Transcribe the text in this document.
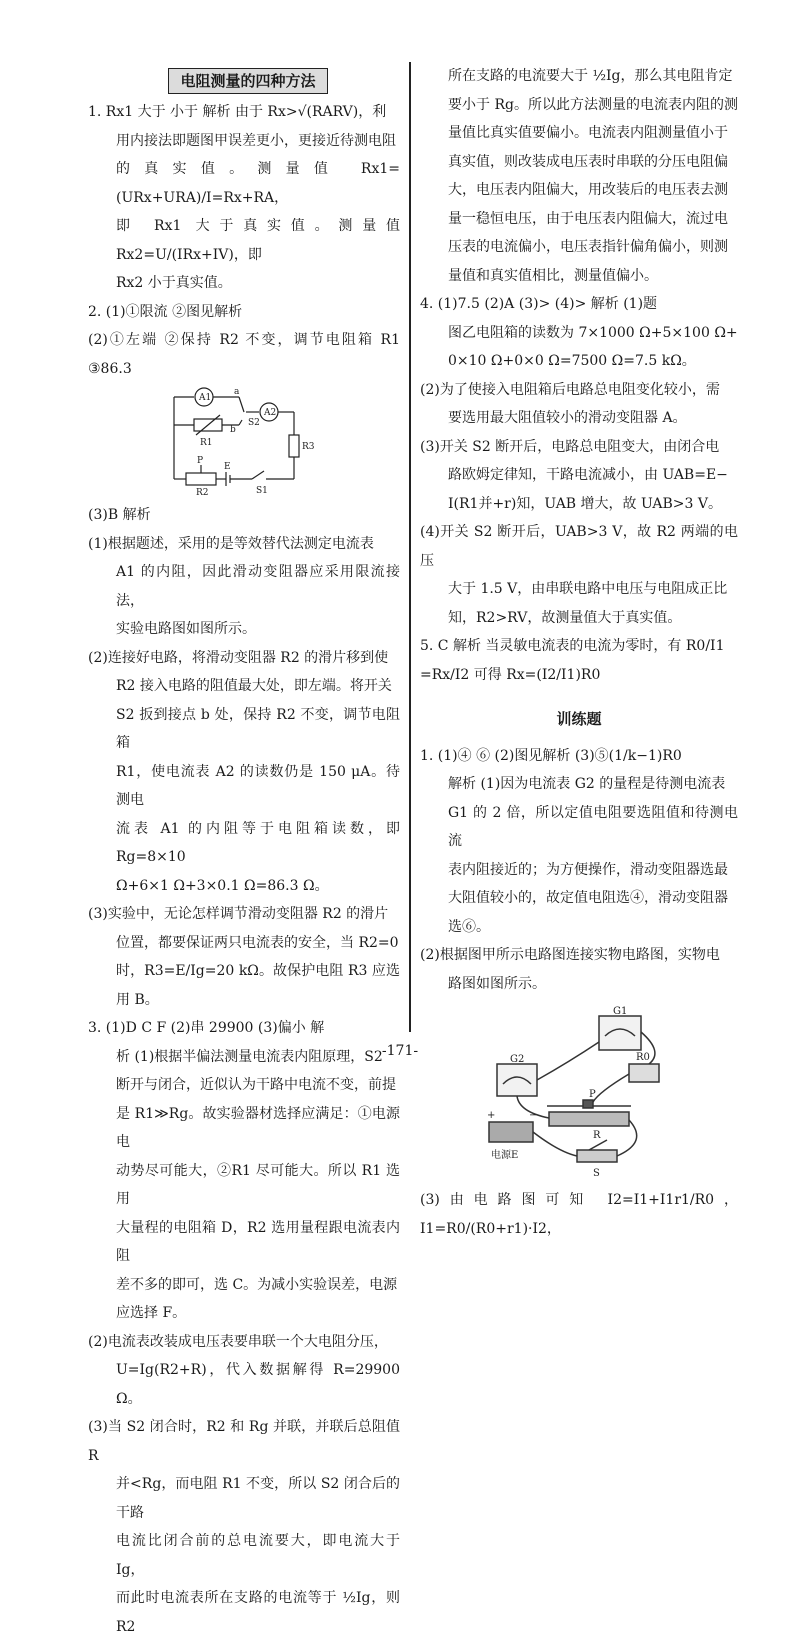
电阻测量的四种方法

1. Rx1 大于 小于 解析 由于 Rx>√(RARV)，利

用内接法即题图甲误差更小，更接近待测电阻

的真实值。测量值 Rx1=(URx+URA)/I=Rx+RA，

即 Rx1 大于真实值。测量值 Rx2=U/(IRx+IV)，即

Rx2 小于真实值。

2. (1)①限流 ②图见解析

(2)①左端 ②保持 R2 不变，调节电阻箱 R1 ③86.3

A1
A2
a
b
S2
R1	R3
P
E
R2	S1

(3)B 解析

(1)根据题述，采用的是等效替代法测定电流表

A1 的内阻，因此滑动变阻器应采用限流接法，

实验电路图如图所示。

(2)连接好电路，将滑动变阻器 R2 的滑片移到使

R2 接入电路的阻值最大处，即左端。将开关

S2 扳到接点 b 处，保持 R2 不变，调节电阻箱

R1，使电流表 A2 的读数仍是 150 μA。待测电

流表 A1 的内阻等于电阻箱读数，即 Rg=8×10

Ω+6×1 Ω+3×0.1 Ω=86.3 Ω。

(3)实验中，无论怎样调节滑动变阻器 R2 的滑片

位置，都要保证两只电流表的安全，当 R2=0

时，R3=E/Ig=20 kΩ。故保护电阻 R3 应选用 B。

3. (1)D C F (2)串 29900 (3)偏小 解

析 (1)根据半偏法测量电流表内阻原理，S2

断开与闭合，近似认为干路中电流不变，前提

是 R1≫Rg。故实验器材选择应满足：①电源电

动势尽可能大，②R1 尽可能大。所以 R1 选用

大量程的电阻箱 D，R2 选用量程跟电流表内阻

差不多的即可，选 C。为减小实验误差，电源

应选择 F。

(2)电流表改装成电压表要串联一个大电阻分压，

U=Ig(R2+R)，代入数据解得 R=29900 Ω。

(3)当 S2 闭合时，R2 和 Rg 并联，并联后总阻值 R

并<Rg，而电阻 R1 不变，所以 S2 闭合后的干路

电流比闭合前的总电流要大，即电流大于 Ig，

而此时电流表所在支路的电流等于 ½Ig，则 R2

所在支路的电流要大于 ½Ig，那么其电阻肯定

要小于 Rg。所以此方法测量的电流表内阻的测

量值比真实值要偏小。电流表内阻测量值小于

真实值，则改装成电压表时串联的分压电阻偏

大，电压表内阻偏大，用改装后的电压表去测

量一稳恒电压，由于电压表内阻偏大，流过电

压表的电流偏小，电压表指针偏角偏小，则测

量值和真实值相比，测量值偏小。

4. (1)7.5 (2)A (3)> (4)> 解析 (1)题

图乙电阻箱的读数为 7×1000 Ω+5×100 Ω+

0×10 Ω+0×0 Ω=7500 Ω=7.5 kΩ。

(2)为了使接入电阻箱后电路总电阻变化较小，需

要选用最大阻值较小的滑动变阻器 A。

(3)开关 S2 断开后，电路总电阻变大，由闭合电

路欧姆定律知，干路电流减小，由 UAB=E−

I(R1并+r)知，UAB 增大，故 UAB>3 V。

(4)开关 S2 断开后，UAB>3 V，故 R2 两端的电压

大于 1.5 V，由串联电路中电压与电阻成正比

知，R2>RV，故测量值大于真实值。

5. C 解析 当灵敏电流表的电流为零时，有 R0/I1

=Rx/I2 可得 Rx=(I2/I1)R0

训练题

1. (1)④ ⑥ (2)图见解析 (3)⑤(1/k−1)R0

解析 (1)因为电流表 G2 的量程是待测电流表

G1 的 2 倍，所以定值电阻要选阻值和待测电流

表内阻接近的；为方便操作，滑动变阻器选最

大阻值较小的，故定值电阻选④，滑动变阻器

选⑥。

(2)根据图甲所示电路图连接实物电路图，实物电

路图如图所示。

G1
G2	R0
P
R
+	−
电源E
S

(3)由电路图可知 I2=I1+I1r1/R0，I1=R0/(R0+r1)·I2，

-171-
